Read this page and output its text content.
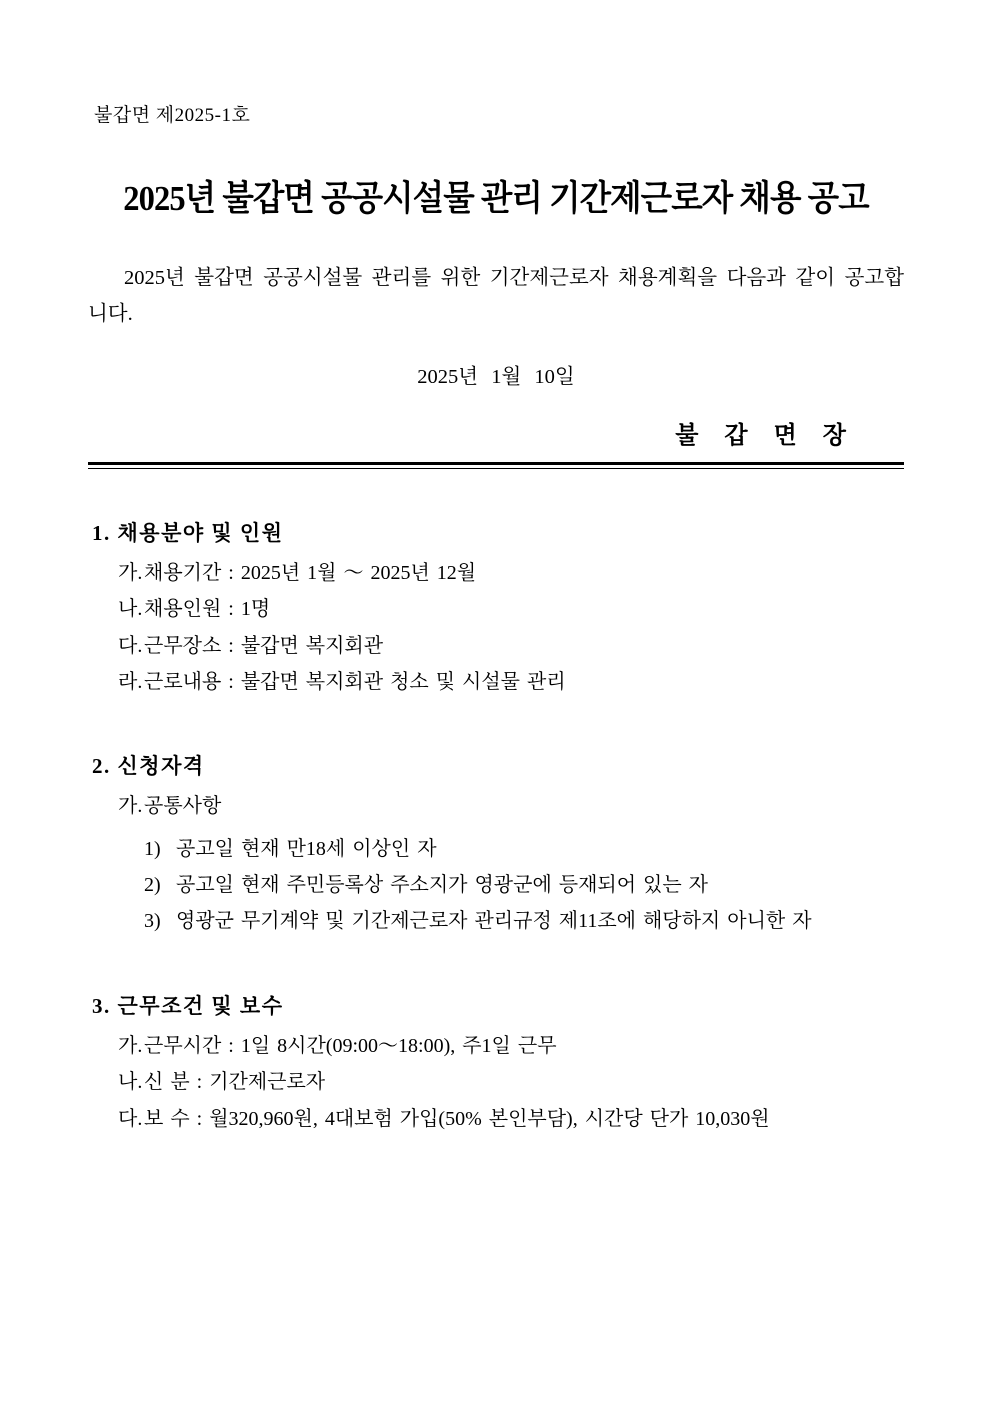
불갑면 제2025-1호
2025년 불갑면 공공시설물 관리 기간제근로자 채용 공고

2025년 불갑면 공공시설물 관리를 위한 기간제근로자 채용계획을 다음과 같이 공고합니다.

2025년 1월 10일
불 갑 면 장
1. 채용분야 및 인원
가.채용기간 : 2025년 1월 ～ 2025년 12월
나.채용인원 : 1명
다.근무장소 : 불갑면 복지회관
라.근로내용 : 불갑면 복지회관 청소 및 시설물 관리
2. 신청자격
가.공통사항
1) 공고일 현재 만18세 이상인 자
2) 공고일 현재 주민등록상 주소지가 영광군에 등재되어 있는 자
3) 영광군 무기계약 및 기간제근로자 관리규정 제11조에 해당하지 아니한 자
3. 근무조건 및 보수
가.근무시간 : 1일 8시간(09:00～18:00), 주1일 근무
나.신 분 : 기간제근로자
다.보 수 : 월320,960원, 4대보험 가입(50% 본인부담), 시간당 단가 10,030원
